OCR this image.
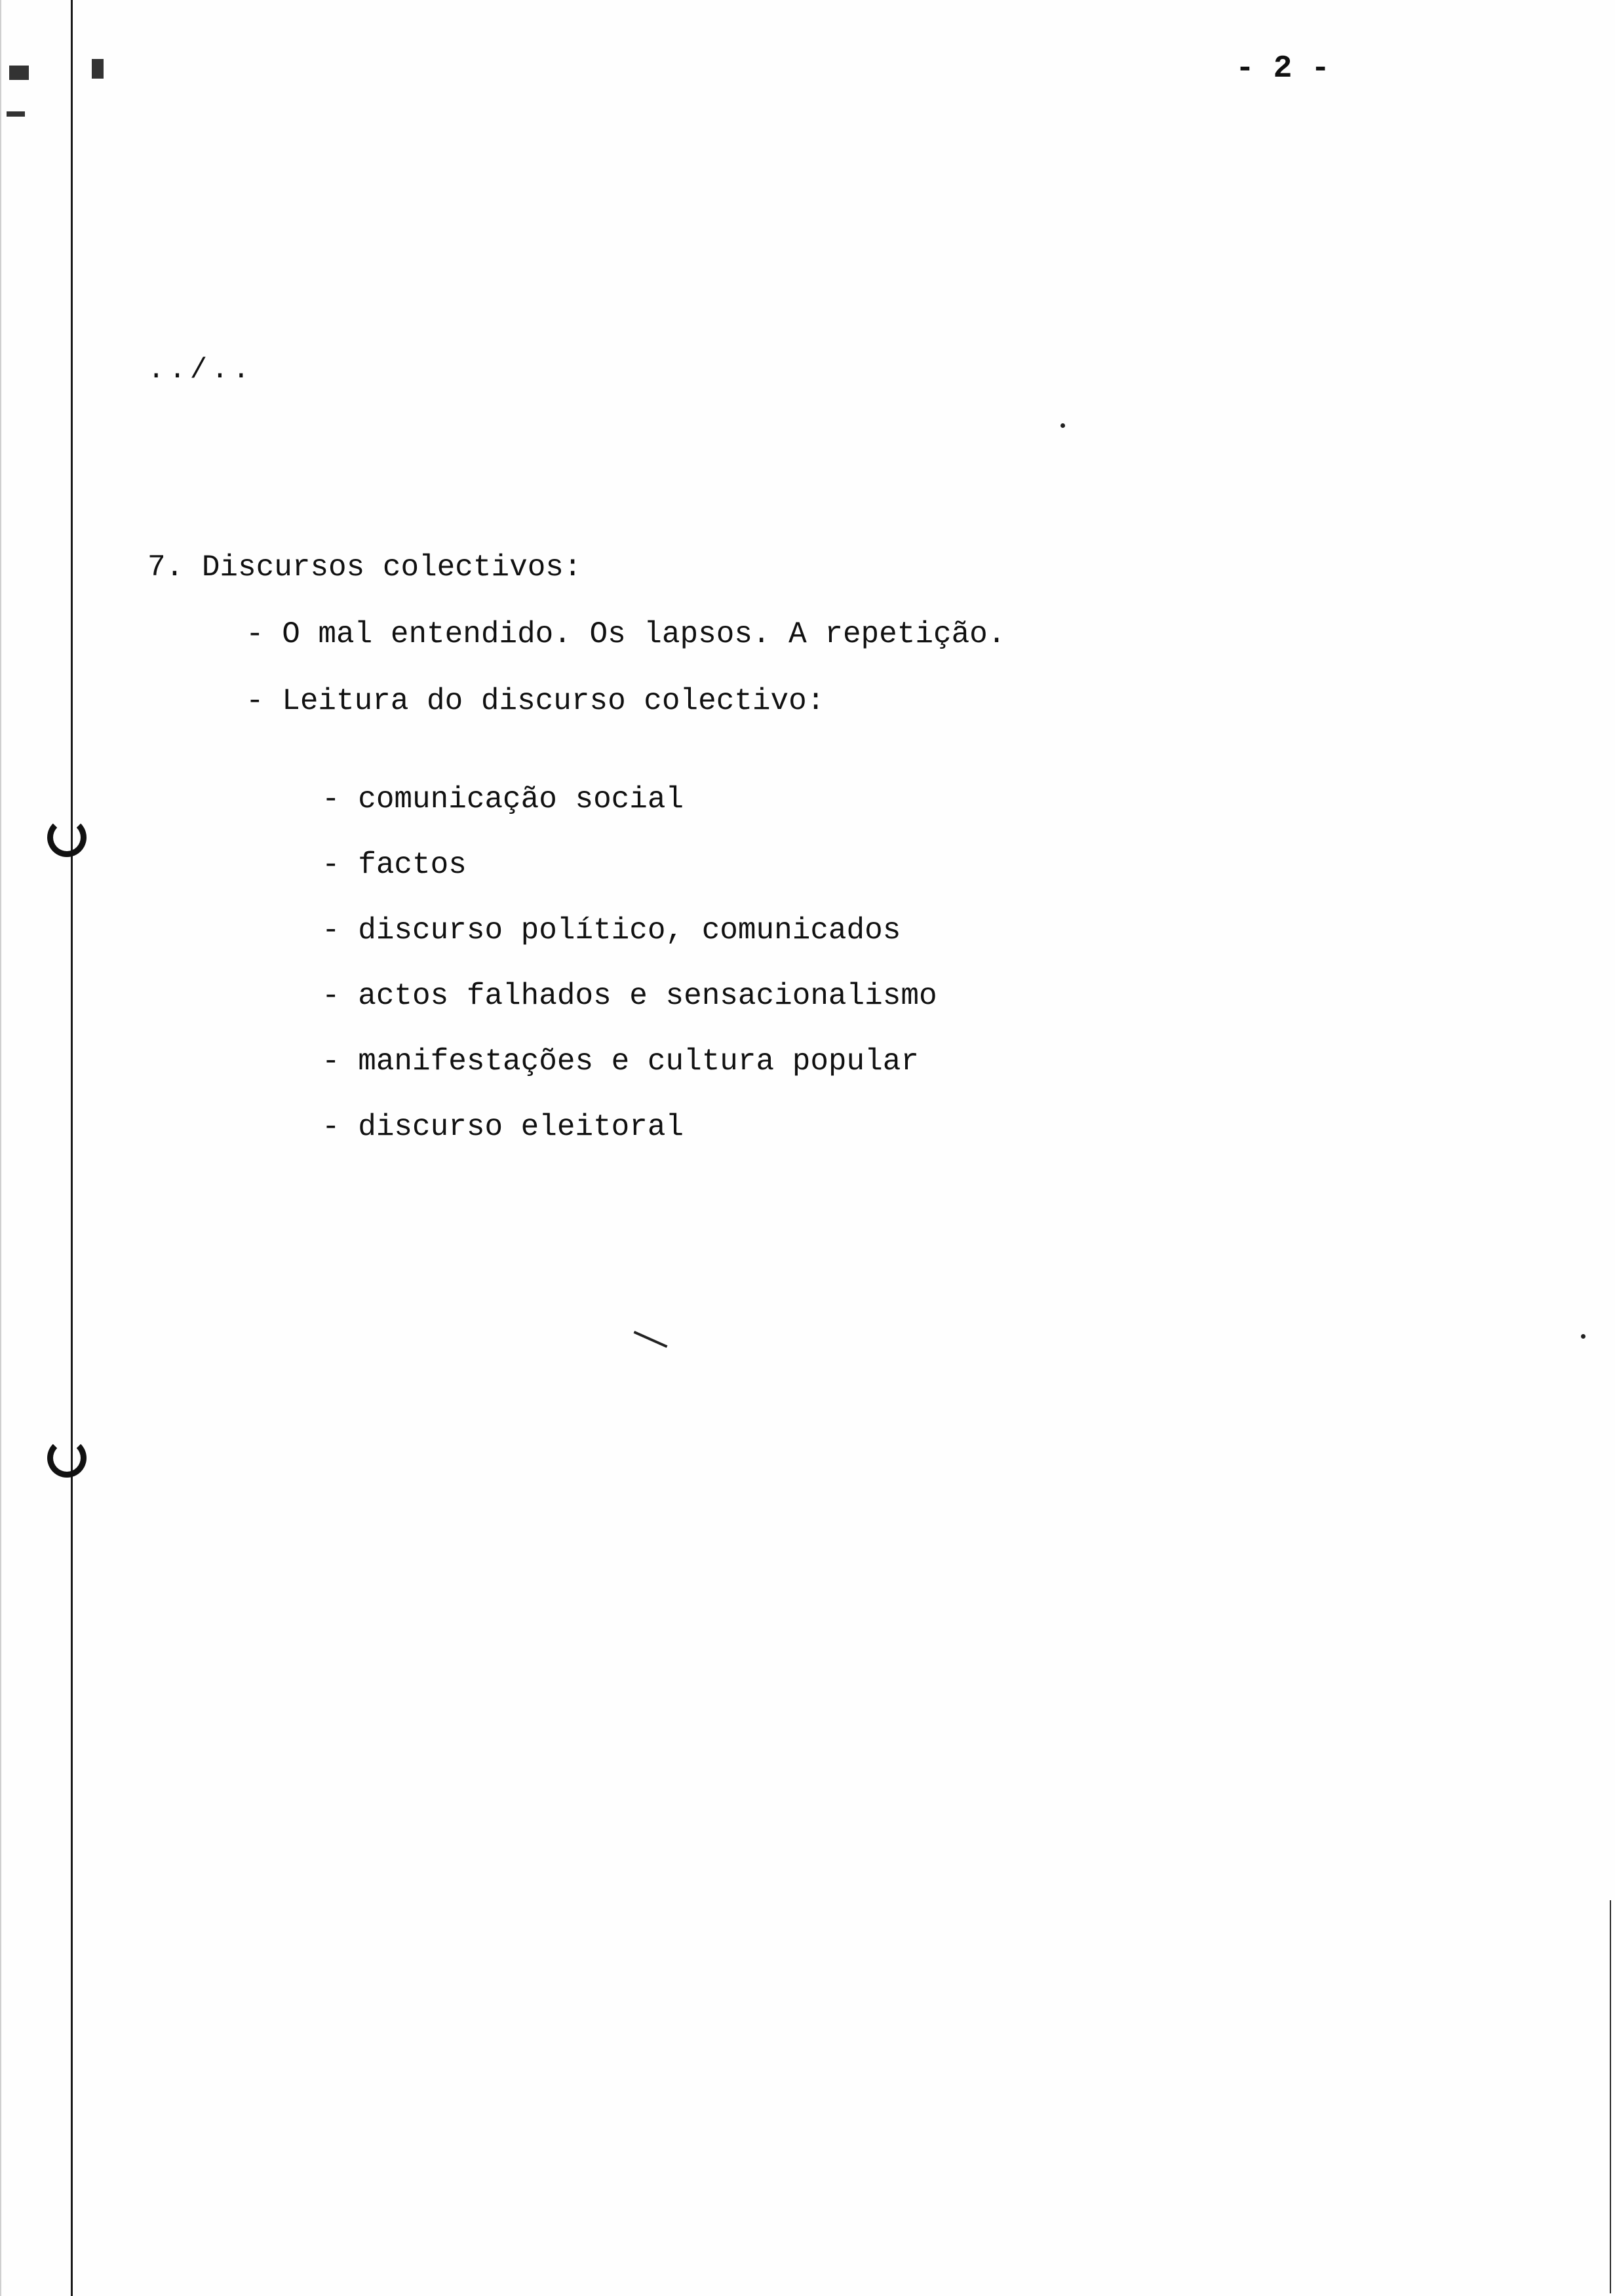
- 2 -
../..
7. Discursos colectivos:
- O mal entendido. Os lapsos. A repetição.
- Leitura do discurso colectivo:
- comunicação social
- factos
- discurso político, comunicados
- actos falhados e sensacionalismo
- manifestações e cultura popular
- discurso eleitoral
